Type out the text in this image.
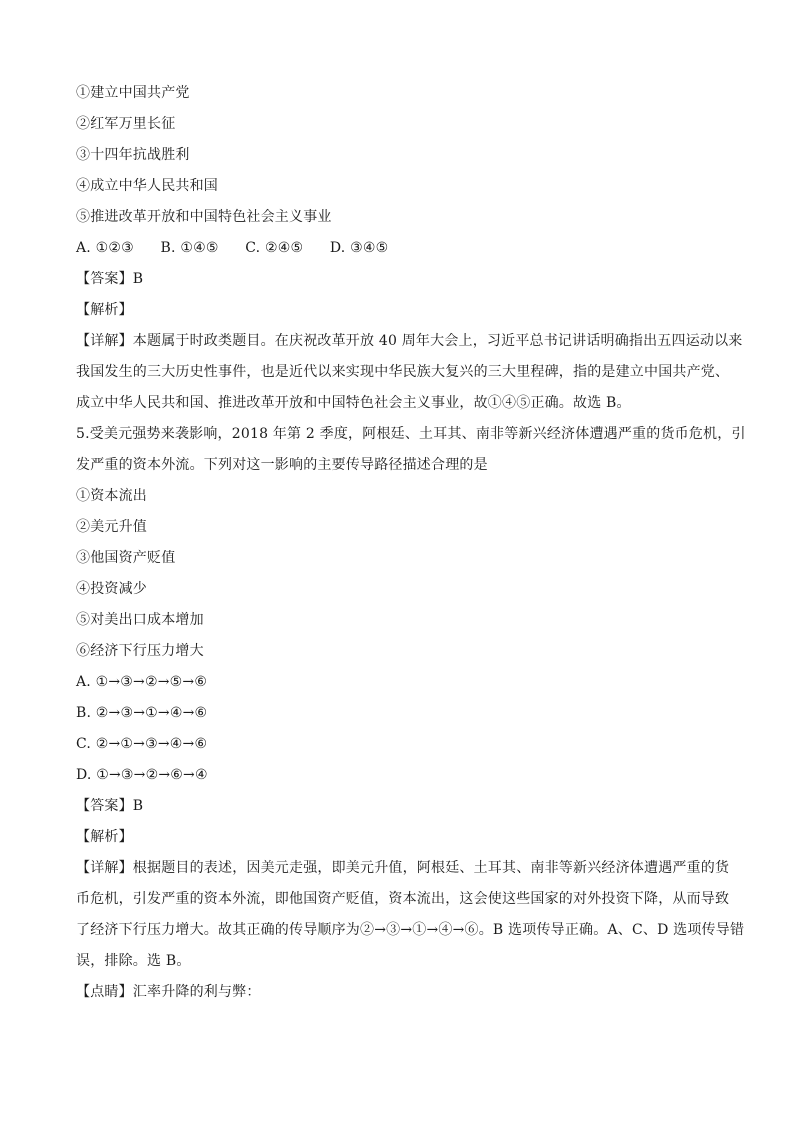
①建立中国共产党
②红军万里长征
③十四年抗战胜利
④成立中华人民共和国
⑤推进改革开放和中国特色社会主义事业
A. ①②③ B. ①④⑤ C. ②④⑤ D. ③④⑤
【答案】B
【解析】
【详解】本题属于时政类题目。在庆祝改革开放 40 周年大会上，习近平总书记讲话明确指出五四运动以来
我国发生的三大历史性事件，也是近代以来实现中华民族大复兴的三大里程碑，指的是建立中国共产党、
成立中华人民共和国、推进改革开放和中国特色社会主义事业，故①④⑤正确。故选 B。
5.受美元强势来袭影响，2018 年第 2 季度，阿根廷、土耳其、南非等新兴经济体遭遇严重的货币危机，引
发严重的资本外流。下列对这一影响的主要传导路径描述合理的是
①资本流出
②美元升值
③他国资产贬值
④投资减少
⑤对美出口成本增加
⑥经济下行压力增大
A. ①→③→②→⑤→⑥
B. ②→③→①→④→⑥
C. ②→①→③→④→⑥
D. ①→③→②→⑥→④
【答案】B
【解析】
【详解】根据题目的表述，因美元走强，即美元升值，阿根廷、土耳其、南非等新兴经济体遭遇严重的货
币危机，引发严重的资本外流，即他国资产贬值，资本流出，这会使这些国家的对外投资下降，从而导致
了经济下行压力增大。故其正确的传导顺序为②→③→①→④→⑥。B 选项传导正确。A、C、D 选项传导错
误，排除。选 B。
【点睛】汇率升降的利与弊：
